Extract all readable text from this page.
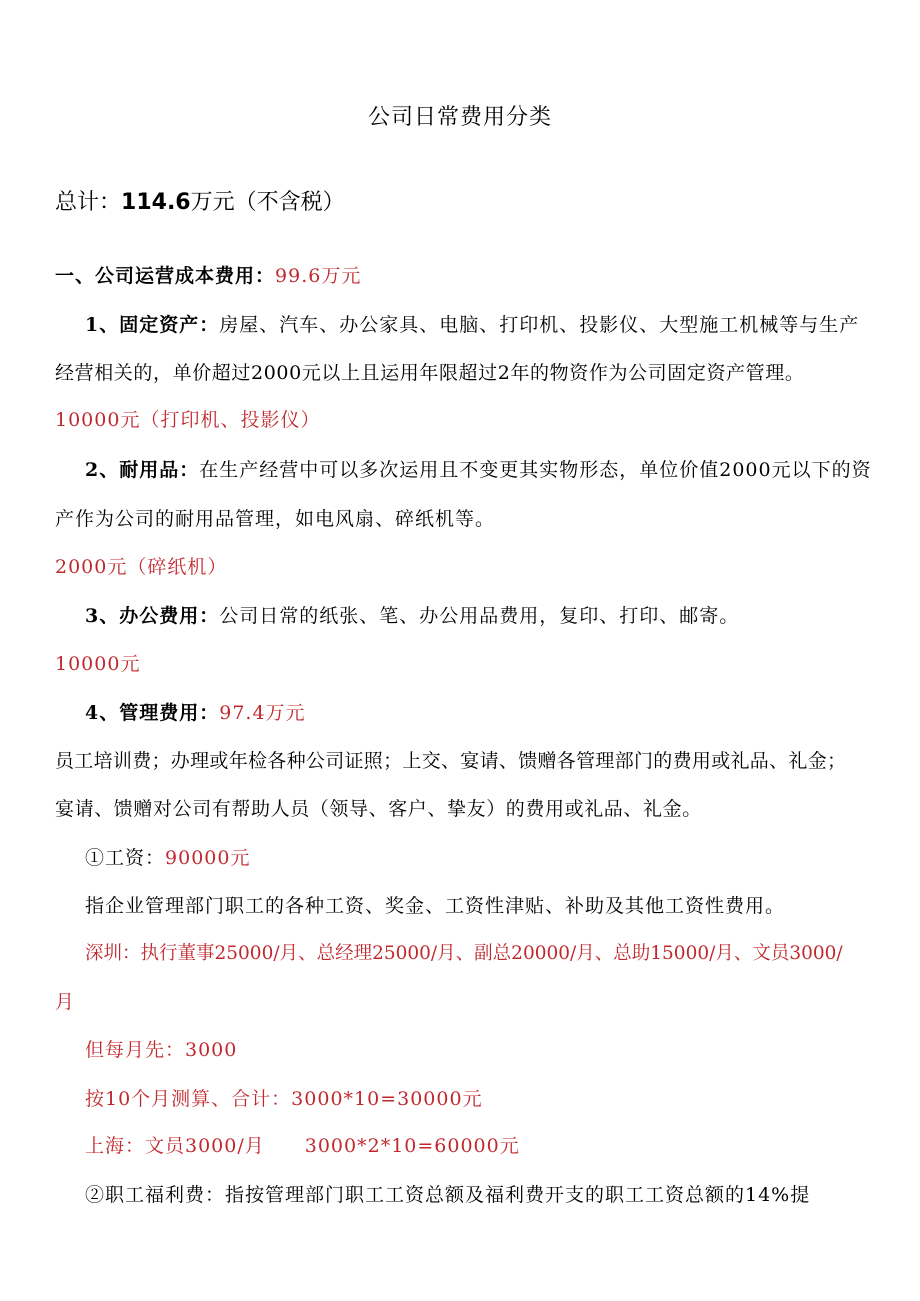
公司日常费用分类
总计：114.6万元（不含税）
一、公司运营成本费用：99.6万元
1、固定资产：房屋、汽车、办公家具、电脑、打印机、投影仪、大型施工机械等与生产
经营相关的，单价超过2000元以上且运用年限超过2年的物资作为公司固定资产管理。
10000元（打印机、投影仪）
2、耐用品：在生产经营中可以多次运用且不变更其实物形态，单位价值2000元以下的资
产作为公司的耐用品管理，如电风扇、碎纸机等。
2000元（碎纸机）
3、办公费用：公司日常的纸张、笔、办公用品费用，复印、打印、邮寄。
10000元
4、管理费用：97.4万元
员工培训费；办理或年检各种公司证照；上交、宴请、馈赠各管理部门的费用或礼品、礼金；
宴请、馈赠对公司有帮助人员（领导、客户、挚友）的费用或礼品、礼金。
①工资：90000元
指企业管理部门职工的各种工资、奖金、工资性津贴、补助及其他工资性费用。
深圳：执行董事25000/月、总经理25000/月、副总20000/月、总助15000/月、文员3000/
月
但每月先：3000
按10个月测算、合计：3000*10=30000元
上海：文员3000/月　　3000*2*10=60000元
②职工福利费：指按管理部门职工工资总额及福利费开支的职工工资总额的14%提
